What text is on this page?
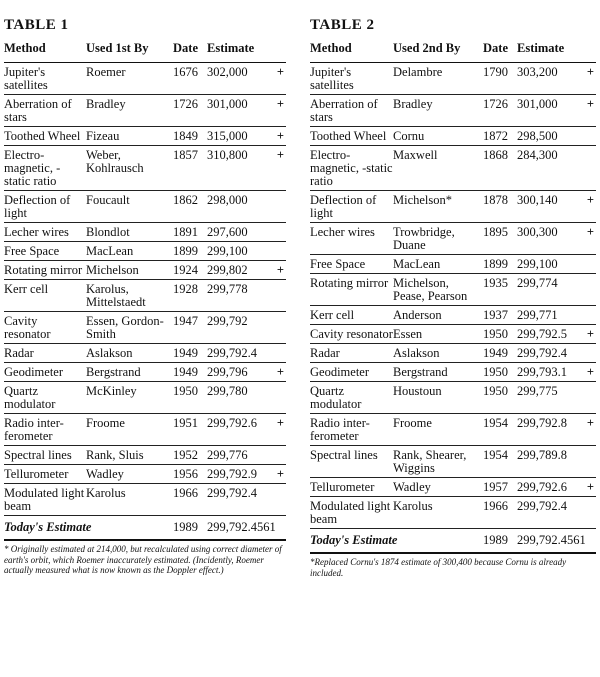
TABLE 1
Method	Used 1st By	Date	Estimate	
Jupiter's satellites	Roemer	1676	302,000	+
Aberration of stars	Bradley	1726	301,000	+
Toothed Wheel	Fizeau	1849	315,000	+
Electro-magnetic, -static ratio	Weber, Kohlrausch	1857	310,800	+
Deflection of light	Foucault	1862	298,000	
Lecher wires	Blondlot	1891	297,600	
Free Space	MacLean	1899	299,100	
Rotating mirror	Michelson	1924	299,802	+
Kerr cell	Karolus, Mittelstaedt	1928	299,778	
Cavity resonator	Essen, Gordon-Smith	1947	299,792	
Radar	Aslakson	1949	299,792.4	
Geodimeter	Bergstrand	1949	299,796	+
Quartz modulator	McKinley	1950	299,780	
Radio inter-ferometer	Froome	1951	299,792.6	+
Spectral lines	Rank, Sluis	1952	299,776	
Tellurometer	Wadley	1956	299,792.9	+
Modulated light beam	Karolus	1966	299,792.4	
Today's Estimate		1989	299,792.4561	
* Originally estimated at 214,000, but recalculated using correct diameter of earth's orbit, which Roemer inaccurately estimated. (Incidently, Roemer actually measured what is now known as the Doppler effect.)
TABLE 2
Method	Used 2nd By	Date	Estimate	
Jupiter's satellites	Delambre	1790	303,200	+
Aberration of stars	Bradley	1726	301,000	+
Toothed Wheel	Cornu	1872	298,500	
Electro-magnetic, -static ratio	Maxwell	1868	284,300	
Deflection of light	Michelson*	1878	300,140	+
Lecher wires	Trowbridge, Duane	1895	300,300	+
Free Space	MacLean	1899	299,100	
Rotating mirror	Michelson, Pease, Pearson	1935	299,774	
Kerr cell	Anderson	1937	299,771	
Cavity resonator	Essen	1950	299,792.5	+
Radar	Aslakson	1949	299,792.4	
Geodimeter	Bergstrand	1950	299,793.1	+
Quartz modulator	Houstoun	1950	299,775	
Radio inter-ferometer	Froome	1954	299,792.8	+
Spectral lines	Rank, Shearer, Wiggins	1954	299,789.8	
Tellurometer	Wadley	1957	299,792.6	+
Modulated light beam	Karolus	1966	299,792.4	
Today's Estimate		1989	299,792.4561	
*Replaced Cornu's 1874 estimate of 300,400 because Cornu is already included.
